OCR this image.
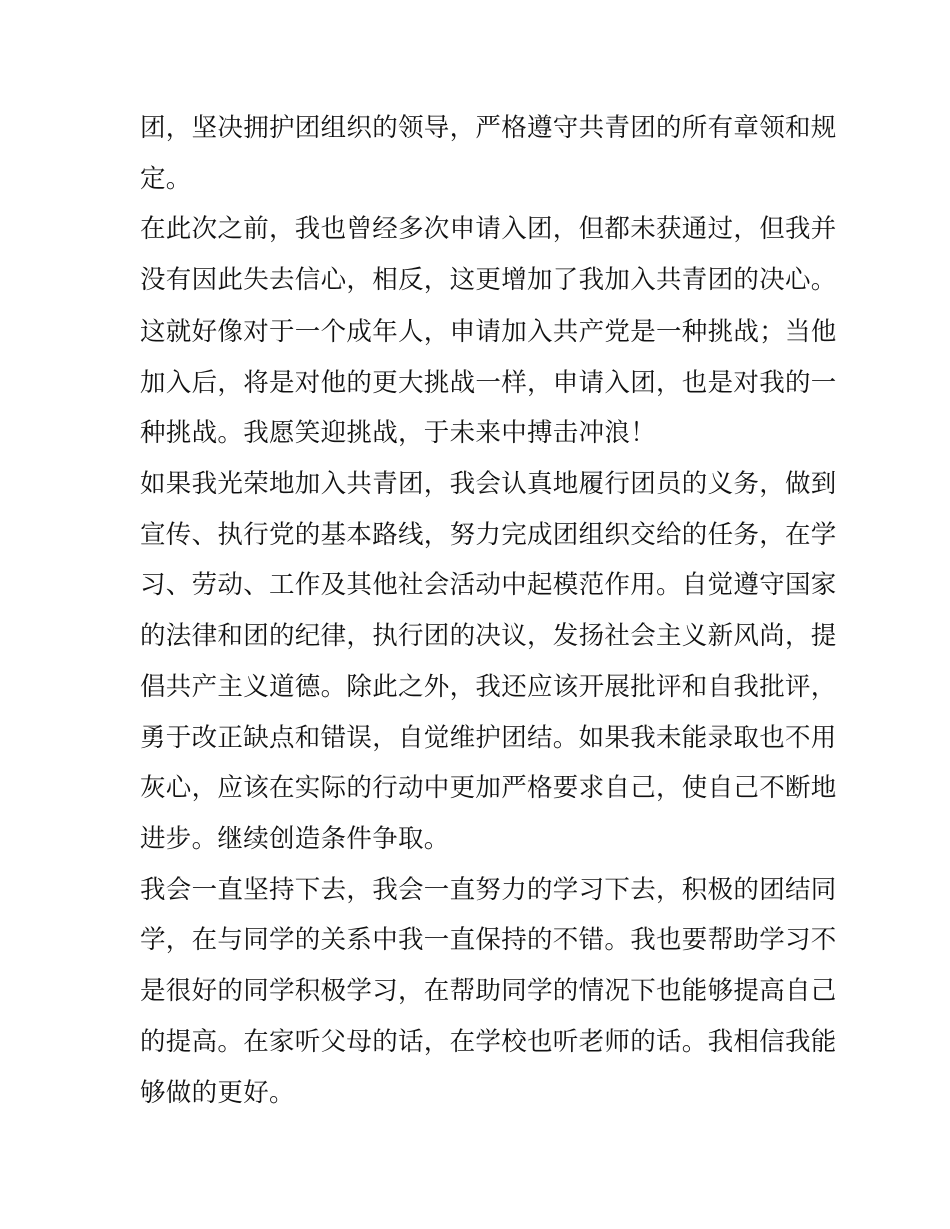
团，坚决拥护团组织的领导，严格遵守共青团的所有章领和规
定。
在此次之前，我也曾经多次申请入团，但都未获通过，但我并
没有因此失去信心，相反，这更增加了我加入共青团的决心。
这就好像对于一个成年人，申请加入共产党是一种挑战；当他
加入后，将是对他的更大挑战一样，申请入团，也是对我的一
种挑战。我愿笑迎挑战，于未来中搏击冲浪！
如果我光荣地加入共青团，我会认真地履行团员的义务，做到
宣传、执行党的基本路线，努力完成团组织交给的任务，在学
习、劳动、工作及其他社会活动中起模范作用。自觉遵守国家
的法律和团的纪律，执行团的决议，发扬社会主义新风尚，提
倡共产主义道德。除此之外，我还应该开展批评和自我批评，
勇于改正缺点和错误，自觉维护团结。如果我未能录取也不用
灰心，应该在实际的行动中更加严格要求自己，使自己不断地
进步。继续创造条件争取。
我会一直坚持下去，我会一直努力的学习下去，积极的团结同
学，在与同学的关系中我一直保持的不错。我也要帮助学习不
是很好的同学积极学习，在帮助同学的情况下也能够提高自己
的提高。在家听父母的话，在学校也听老师的话。我相信我能
够做的更好。
